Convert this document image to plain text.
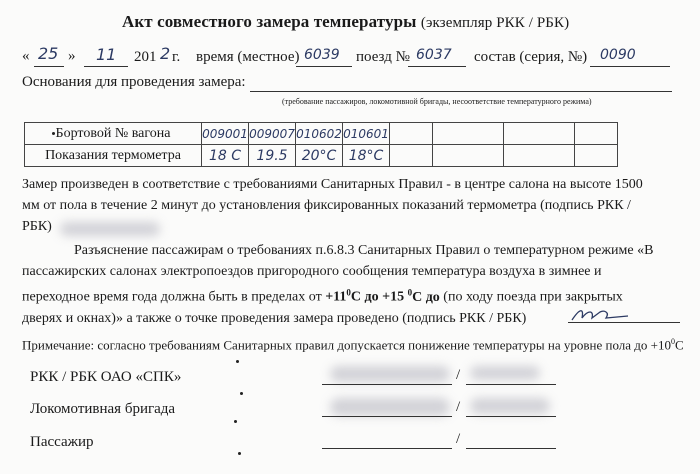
Акт совместного замера температуры (экземпляр РКК / РБК)
« 25 » 11 201 2 г. время (местное) 6039 поезд № 6037 состав (серия, №) 0090
Основания для проведения замера:
(требование пассажиров, локомотивной бригады, несоответствие температурного режима)
Бортовой № вагона	009001	009007	010602	010601				
Показания термометра	18 С	19.5	20°С	18°С				
Замер произведен в соответствие с требованиями Санитарных Правил - в центре салона на высоте 1500
мм от пола в течение 2 минут до установления фиксированных показаний термометра (подпись РКК /
РБК)
Разъяснение пассажирам о требованиях п.6.8.3 Санитарных Правил о температурном режиме «В
пассажирских салонах электропоездов пригородного сообщения температура воздуха в зимнее и
переходное время года должна быть в пределах от $+11^0С$ до +15 $^0$С до (по ходу поезда при закрытых
дверях и окнах)» а также о точке проведения замера проведено (подпись РКК / РБК)
Примечание: согласно требованиям Санитарных правил допускается понижение температуры на уровне пола до $+10^0С$
РКК / РБК ОАО «СПК»	/
Локомотивная бригада	/
Пассажир	/
